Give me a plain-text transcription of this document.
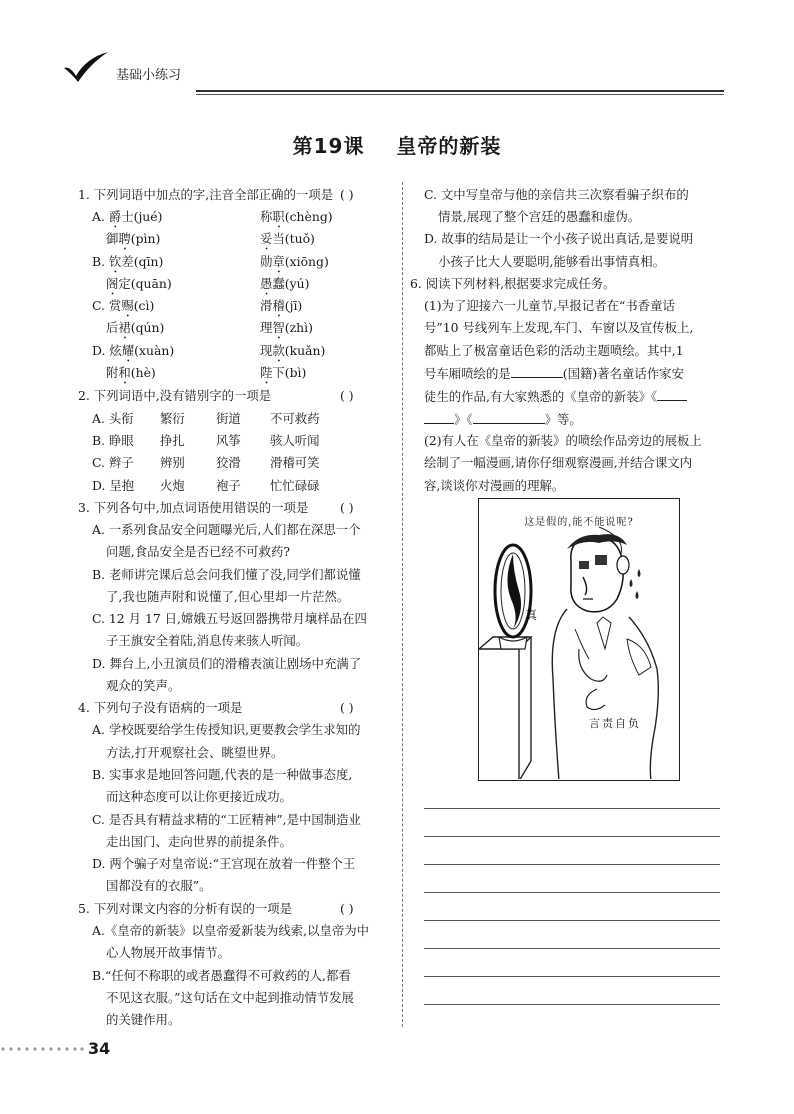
基础小练习
第19课 皇帝的新装
1. 下列词语中加点的字,注音全部正确的一项是 ( )
A. 爵士(jué)	称职(chèng)
御聘(pìn)	妥当(tuǒ)
B. 钦差(qīn)	勋章(xiōng)
阁定(quān)	愚蠢(yú)
C. 赏赐(cì)	滑稽(jī)
后裙(qún)	理智(zhì)
D. 炫耀(xuàn)	现款(kuǎn)
附和(hè)	陛下(bì)
2. 下列词语中,没有错别字的一项是	( )
A. 头衔 繁衍	街道 不可救药
B. 睁眼 挣扎	风筝 骇人听闻
C. 辫子 辨别	狡滑 滑稽可笑
D. 呈抱 火炮	袍子 忙忙碌碌
3. 下列各句中,加点词语使用错误的一项是	( )
A. 一系列食品安全问题曝光后,人们都在深思一个
问题,食品安全是否已经不可救药?
B. 老师讲完课后总会问我们懂了没,同学们都说懂
了,我也随声附和说懂了,但心里却一片茫然。
C. 12 月 17 日,嫦娥五号返回器携带月壤样品在四
子王旗安全着陆,消息传来骇人听闻。
D. 舞台上,小丑演员们的滑稽表演让剧场中充满了
观众的笑声。
4. 下列句子没有语病的一项是	( )
A. 学校既要给学生传授知识,更要教会学生求知的
方法,打开观察社会、眺望世界。
B. 实事求是地回答问题,代表的是一种做事态度,
而这种态度可以让你更接近成功。
C. 是否具有精益求精的“工匠精神”,是中国制造业
走出国门、走向世界的前提条件。
D. 两个骗子对皇帝说:“王宫现在放着一件整个王
国都没有的衣服”。
5. 下列对课文内容的分析有误的一项是	( )
A.《皇帝的新装》以皇帝爱新装为线索,以皇帝为中
心人物展开故事情节。
B.“任何不称职的或者愚蠢得不可救药的人,都看
不见这衣服。”这句话在文中起到推动情节发展
的关键作用。
C. 文中写皇帝与他的亲信共三次察看骗子织布的
情景,展现了整个宫廷的愚蠢和虚伪。
D. 故事的结局是让一个小孩子说出真话,是要说明
小孩子比大人要聪明,能够看出事情真相。
6. 阅读下列材料,根据要求完成任务。
(1)为了迎接六一儿童节,早报记者在“书香童话
号”10 号线列车上发现,车门、车窗以及宣传板上,
都贴上了极富童话色彩的活动主题喷绘。其中,1
号车厢喷绘的是	(国籍)著名童话作家安
徒生的作品,有大家熟悉的《皇帝的新装》《
》《	》等。
(2)有人在《皇帝的新装》的喷绘作品旁边的展板上
绘制了一幅漫画,请你仔细观察漫画,并结合课文内
容,谈谈你对漫画的理解。
这是假的,能不能说呢?
真
言责自负
34
